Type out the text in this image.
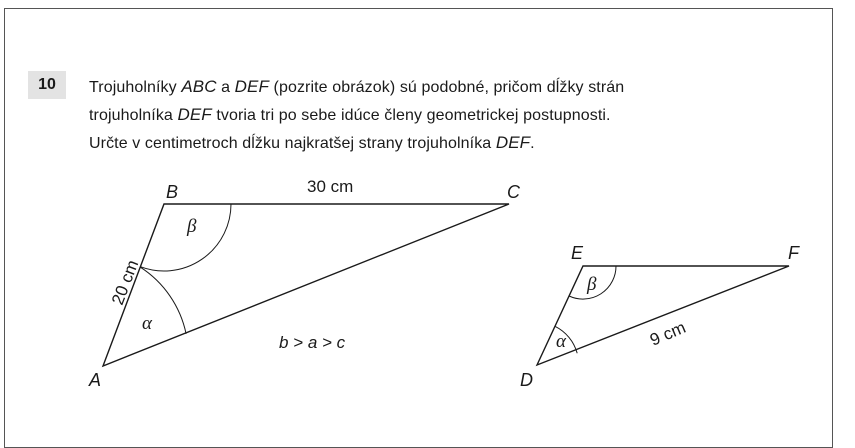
10	Trojuholníky ABC a DEF (pozrite obrázok) sú podobné, pričom dĺžky strán
trojuholníka DEF tvoria tri po sebe idúce členy geometrickej postupnosti.
Určte v centimetroch dĺžku najkratšej strany trojuholníka DEF.
A
B	C
α
β
30 cm
20 cm
b > a > c
D
E	F
α
β
9 cm
